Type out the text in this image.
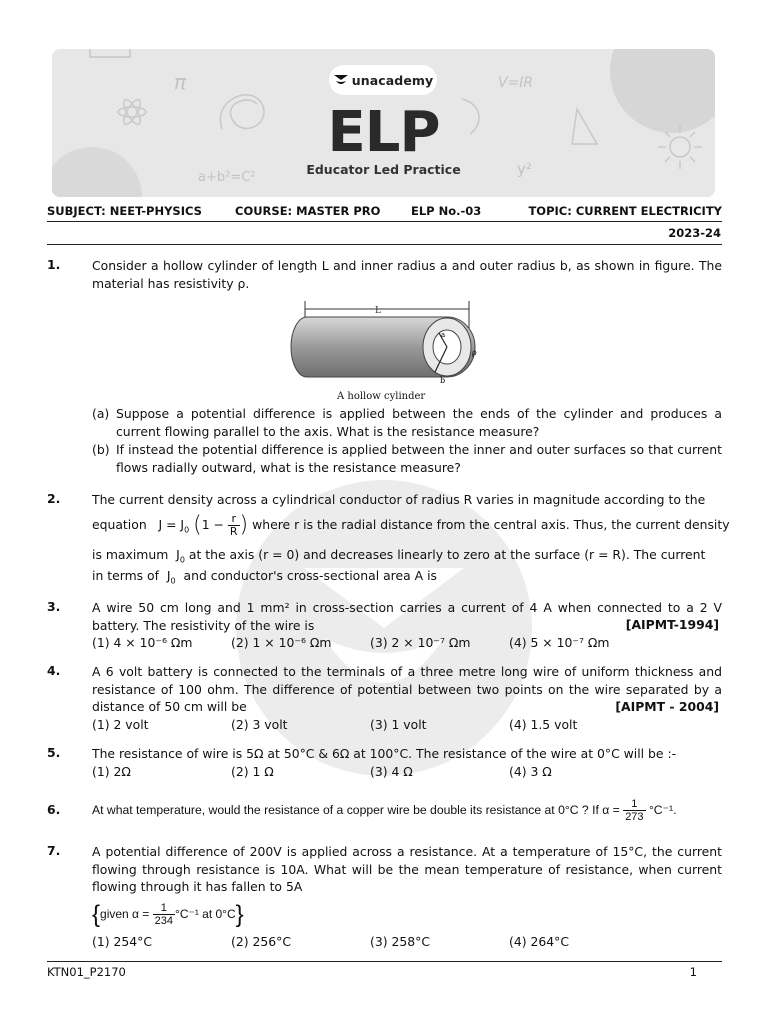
π	V=IR
a+b²=C²	y²
unacademy
ELP
Educator Led Practice
SUBJECT: NEET-PHYSICS	COURSE: MASTER PRO	ELP No.-03	TOPIC: CURRENT ELECTRICITY
2023-24
1.	Consider a hollow cylinder of length L and inner radius a and outer radius b, as shown in figure. The material has resistivity ρ.
L
a
b
ρ
A hollow cylinder
(a) Suppose a potential difference is applied between the ends of the cylinder and produces a current flowing parallel to the axis. What is the resistance measure?
(b) If instead the potential difference is applied between the inner and outer surfaces so that current flows radially outward, what is the resistance measure?
2.	The current density across a cylindrical conductor of radius R varies in magnitude according to the
equation $J = J_0$ ($1 - \frac{r}{R}$ ) where r is the radial distance from the central axis. Thus, the current density
is maximum $J_0$ at the axis (r = 0) and decreases linearly to zero at the surface (r = R). The current
in terms of $J_0$ and conductor's cross-sectional area A is
3.	A wire 50 cm long and 1 mm² in cross-section carries a current of 4 A when connected to a 2 V battery. The resistivity of the wire is	[AIPMT-1994]
(1) 4 × 10⁻⁶ Ωm	(2) 1 × 10⁻⁶ Ωm	(3) 2 × 10⁻⁷ Ωm	(4) 5 × 10⁻⁷ Ωm
4.	A 6 volt battery is connected to the terminals of a three metre long wire of uniform thickness and resistance of 100 ohm. The difference of potential between two points on the wire separated by a distance of 50 cm will be	[AIPMT - 2004]
(1) 2 volt	(2) 3 volt	(3) 1 volt	(4) 1.5 volt
5.	The resistance of wire is 5Ω at 50°C & 6Ω at 100°C. The resistance of the wire at 0°C will be :-
(1) 2Ω	(2) 1 Ω	(3) 4 Ω	(4) 3 Ω
6.	At what temperature, would the resistance of a copper wire be double its resistance at 0°C ? If $\alpha = \frac{1}{273} ^\circ C^{-1}$.
7.	A potential difference of 200V is applied across a resistance. At a temperature of 15°C, the current flowing through resistance is 10A. What will be the mean temperature of resistance, when current flowing through it has fallen to 5A
{given $\alpha = \frac{1}{234} ^\circ C^{-1}$ at 0°C}
(1) 254°C	(2) 256°C	(3) 258°C	(4) 264°C
KTN01_P2170	1
